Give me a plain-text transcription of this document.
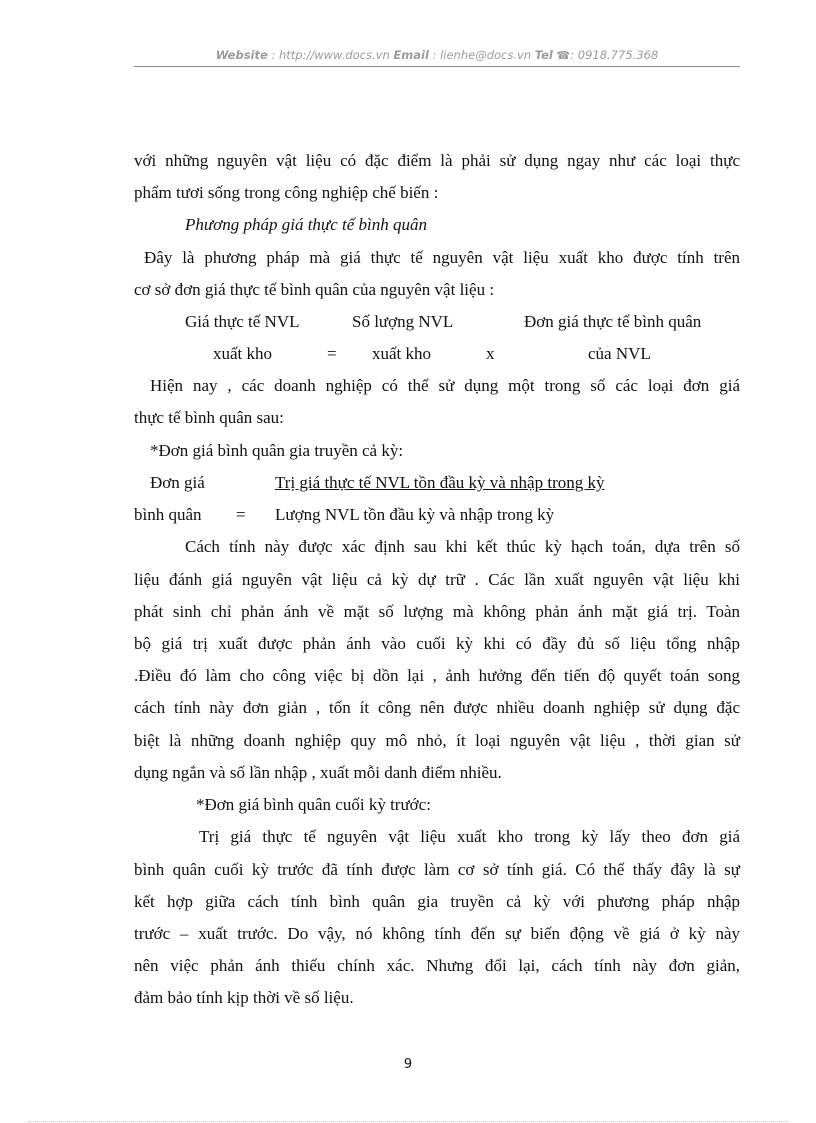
Website : http://www.docs.vn Email : lienhe@docs.vn Tel ☎: 0918.775.368
với những nguyên vật liệu có đặc điểm là phải sử dụng ngay như các loại thực
phẩm tươi sống trong công nghiệp chế biến :
Phương pháp giá thực tế bình quân
Đây là phương pháp mà giá thực tế nguyên vật liệu xuất kho được tính trên
cơ sở đơn giá thực tế bình quân của nguyên vật liệu :
Giá thực tế NVL	Số lượng NVL	Đơn giá thực tế bình quân
xuất kho	= xuất kho	x	của NVL
Hiện nay , các doanh nghiệp có thể sử dụng một trong số các loại đơn giá
thực tế bình quân sau:
*Đơn giá bình quân gia truyền cả kỳ:
Đơn giá	Trị giá thực tế NVL tồn đầu kỳ và nhập trong kỳ
bình quân = Lượng NVL tồn đầu kỳ và nhập trong kỳ
Cách tính này được xác định sau khi kết thúc kỳ hạch toán, dựa trên số
liệu đánh giá nguyên vật liệu cả kỳ dự trữ . Các lần xuất nguyên vật liệu khi
phát sinh chỉ phản ánh về mặt số lượng mà không phản ánh mặt giá trị. Toàn
bộ giá trị xuất được phản ánh vào cuối kỳ khi có đầy đủ số liệu tổng nhập
.Điều đó làm cho công việc bị dồn lại , ảnh hưởng đến tiến độ quyết toán song
cách tính này đơn giản , tốn ít công nên được nhiều doanh nghiệp sử dụng đặc
biệt là những doanh nghiệp quy mô nhỏ, ít loại nguyên vật liệu , thời gian sử
dụng ngắn và số lần nhập , xuất mỗi danh điểm nhiều.
*Đơn giá bình quân cuối kỳ trước:
Trị giá thực tế nguyên vật liệu xuất kho trong kỳ lấy theo đơn giá
bình quân cuối kỳ trước đã tính được làm cơ sở tính giá. Có thể thấy đây là sự
kết hợp giữa cách tính bình quân gia truyền cả kỳ với phương pháp nhập
trước – xuất trước. Do vậy, nó không tính đến sự biến động về giá ở kỳ này
nên việc phản ánh thiếu chính xác. Nhưng đổi lại, cách tính này đơn giản,
đảm bảo tính kịp thời về số liệu.
9
